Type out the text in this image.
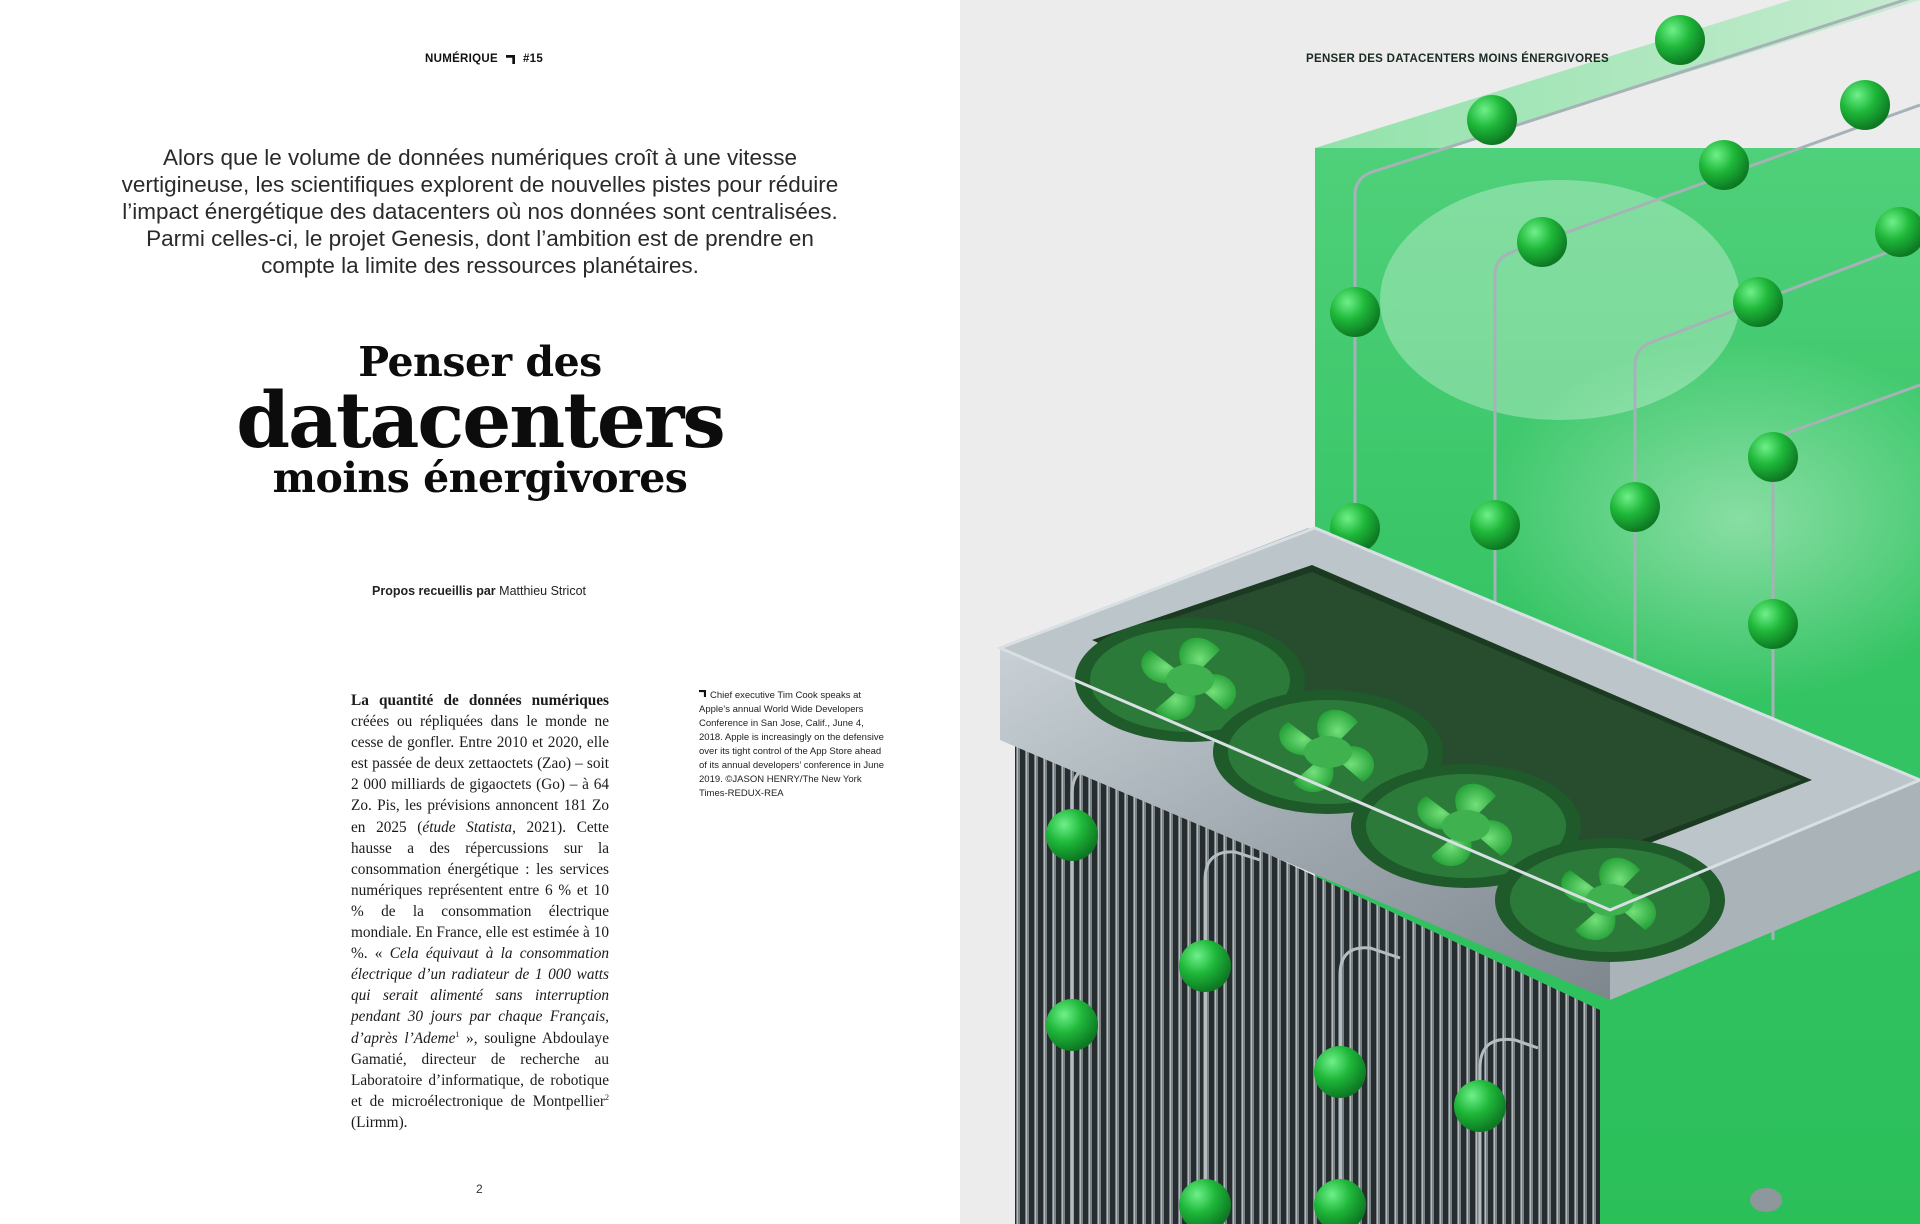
NUMÉRIQUE #15
Alors que le volume de données numériques croît à une vitesse vertigineuse, les scientifiques explorent de nouvelles pistes pour réduire l’impact énergétique des datacenters où nos données sont centralisées. Parmi celles-ci, le projet Genesis, dont l’ambition est de prendre en compte la limite des ressources planétaires.
Penser des
datacenters
moins énergivores
Propos recueillis par Matthieu Stricot
La quantité de données numériques créées ou répliquées dans le monde ne cesse de gonfler. Entre 2010 et 2020, elle est passée de deux zettaoctets (Zao) – soit 2 000 milliards de gigaoctets (Go) – à 64 Zo. Pis, les prévisions annoncent 181 Zo en 2025 (étude Statista, 2021). Cette hausse a des répercussions sur la consommation énergétique : les services numériques représentent entre 6 % et 10 % de la consommation électrique mondiale. En France, elle est estimée à 10 %. « Cela équivaut à la consommation électrique d’un radiateur de 1 000 watts qui serait alimenté sans interruption pendant 30 jours par chaque Français, d’après l’Ademe$^1$ », souligne Abdoulaye Gamatié, directeur de recherche au Laboratoire d’informatique, de robotique et de microélectronique de Montpellier$^2$ (Lirmm).
Chief executive Tim Cook speaks at Apple’s annual World Wide Developers Conference in San Jose, Calif., June 4, 2018. Apple is increasingly on the defensive over its tight control of the App Store ahead of its annual developers’ conference in June 2019. ©JASON HENRY/The New York Times-REDUX-REA
2
PENSER DES DATACENTERS MOINS ÉNERGIVORES
